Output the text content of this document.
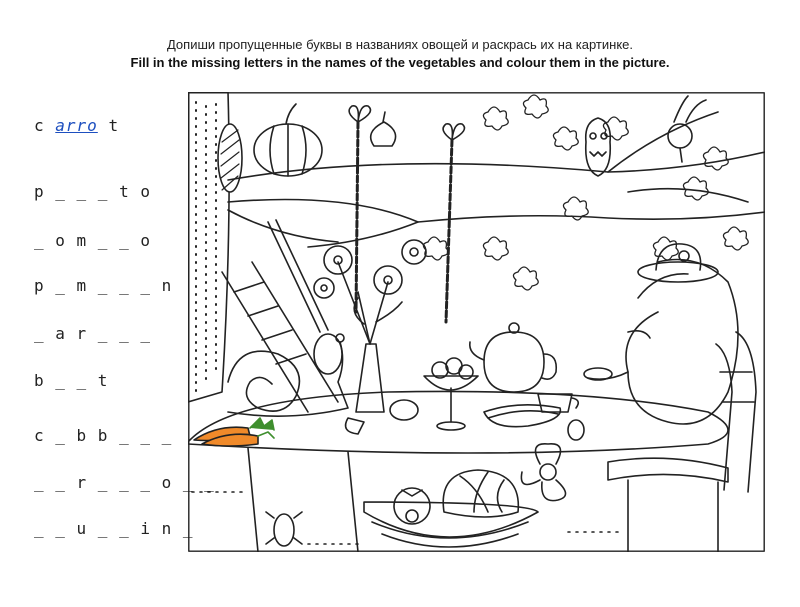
Допиши пропущенные буквы в названиях овощей и раскрась их на картинке.
Fill in the missing letters in the names of the vegetables and colour them in the picture.
c arro t
p _ _ _ t o
_ o m _ _ o
p _ m _ _ _ n
_ a r _ _ _
b _ _ t
c _ b b _ _ _
_ _ r _ _ _ o _ _
_ _ u _ _ i n _
